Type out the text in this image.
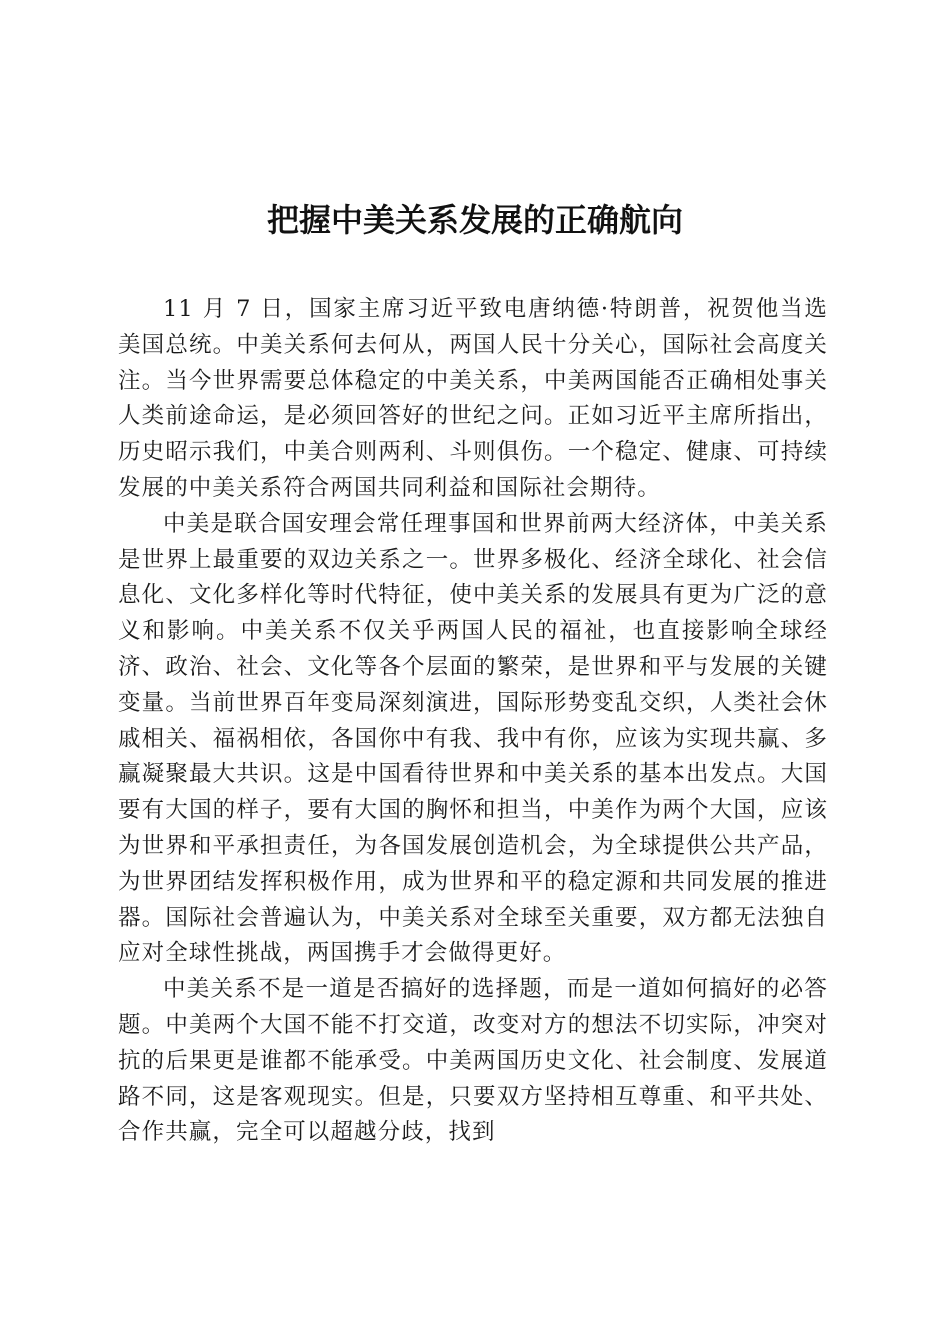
把握中美关系发展的正确航向

11 月 7 日，国家主席习近平致电唐纳德·特朗普，祝贺他当选美国总统。中美关系何去何从，两国人民十分关心，国际社会高度关注。当今世界需要总体稳定的中美关系，中美两国能否正确相处事关人类前途命运，是必须回答好的世纪之问。正如习近平主席所指出，历史昭示我们，中美合则两利、斗则俱伤。一个稳定、健康、可持续发展的中美关系符合两国共同利益和国际社会期待。

中美是联合国安理会常任理事国和世界前两大经济体，中美关系是世界上最重要的双边关系之一。世界多极化、经济全球化、社会信息化、文化多样化等时代特征，使中美关系的发展具有更为广泛的意义和影响。中美关系不仅关乎两国人民的福祉，也直接影响全球经济、政治、社会、文化等各个层面的繁荣，是世界和平与发展的关键变量。当前世界百年变局深刻演进，国际形势变乱交织，人类社会休戚相关、福祸相依，各国你中有我、我中有你，应该为实现共赢、多赢凝聚最大共识。这是中国看待世界和中美关系的基本出发点。大国要有大国的样子，要有大国的胸怀和担当，中美作为两个大国，应该为世界和平承担责任，为各国发展创造机会，为全球提供公共产品，为世界团结发挥积极作用，成为世界和平的稳定源和共同发展的推进器。国际社会普遍认为，中美关系对全球至关重要，双方都无法独自应对全球性挑战，两国携手才会做得更好。

中美关系不是一道是否搞好的选择题，而是一道如何搞好的必答题。中美两个大国不能不打交道，改变对方的想法不切实际，冲突对抗的后果更是谁都不能承受。中美两国历史文化、社会制度、发展道路不同，这是客观现实。但是，只要双方坚持相互尊重、和平共处、合作共赢，完全可以超越分歧，找到
